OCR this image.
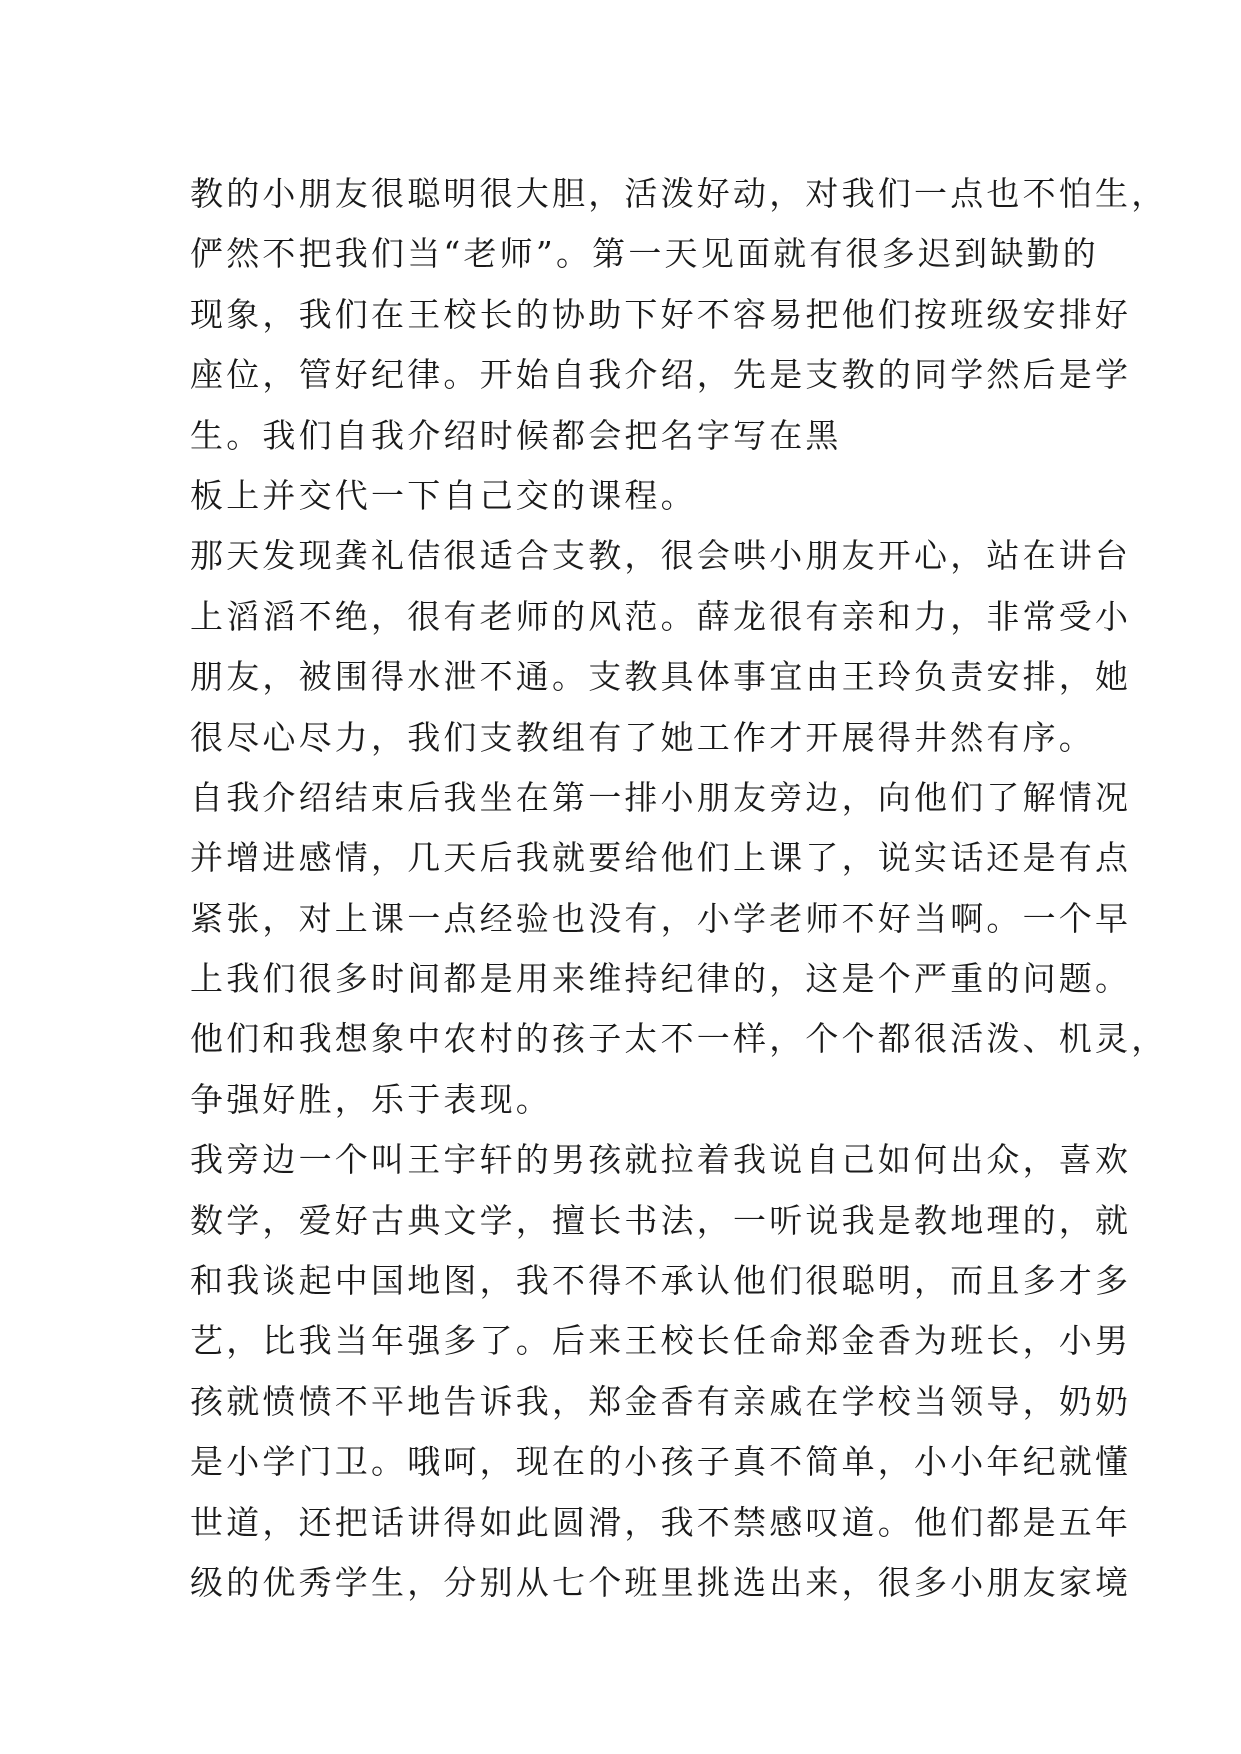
教的小朋友很聪明很大胆，活泼好动，对我们一点也不怕生，
俨然不把我们当“老师”。第一天见面就有很多迟到缺勤的
现象，我们在王校长的协助下好不容易把他们按班级安排好
座位，管好纪律。开始自我介绍，先是支教的同学然后是学
生。我们自我介绍时候都会把名字写在黑
板上并交代一下自己交的课程。
那天发现龚礼佶很适合支教，很会哄小朋友开心，站在讲台
上滔滔不绝，很有老师的风范。薛龙很有亲和力，非常受小
朋友，被围得水泄不通。支教具体事宜由王玲负责安排，她
很尽心尽力，我们支教组有了她工作才开展得井然有序。
自我介绍结束后我坐在第一排小朋友旁边，向他们了解情况
并增进感情，几天后我就要给他们上课了，说实话还是有点
紧张，对上课一点经验也没有，小学老师不好当啊。一个早
上我们很多时间都是用来维持纪律的，这是个严重的问题。
他们和我想象中农村的孩子太不一样，个个都很活泼、机灵，
争强好胜，乐于表现。
我旁边一个叫王宇轩的男孩就拉着我说自己如何出众，喜欢
数学，爱好古典文学，擅长书法，一听说我是教地理的，就
和我谈起中国地图，我不得不承认他们很聪明，而且多才多
艺，比我当年强多了。后来王校长任命郑金香为班长，小男
孩就愤愤不平地告诉我，郑金香有亲戚在学校当领导，奶奶
是小学门卫。哦呵，现在的小孩子真不简单，小小年纪就懂
世道，还把话讲得如此圆滑，我不禁感叹道。他们都是五年
级的优秀学生，分别从七个班里挑选出来，很多小朋友家境
